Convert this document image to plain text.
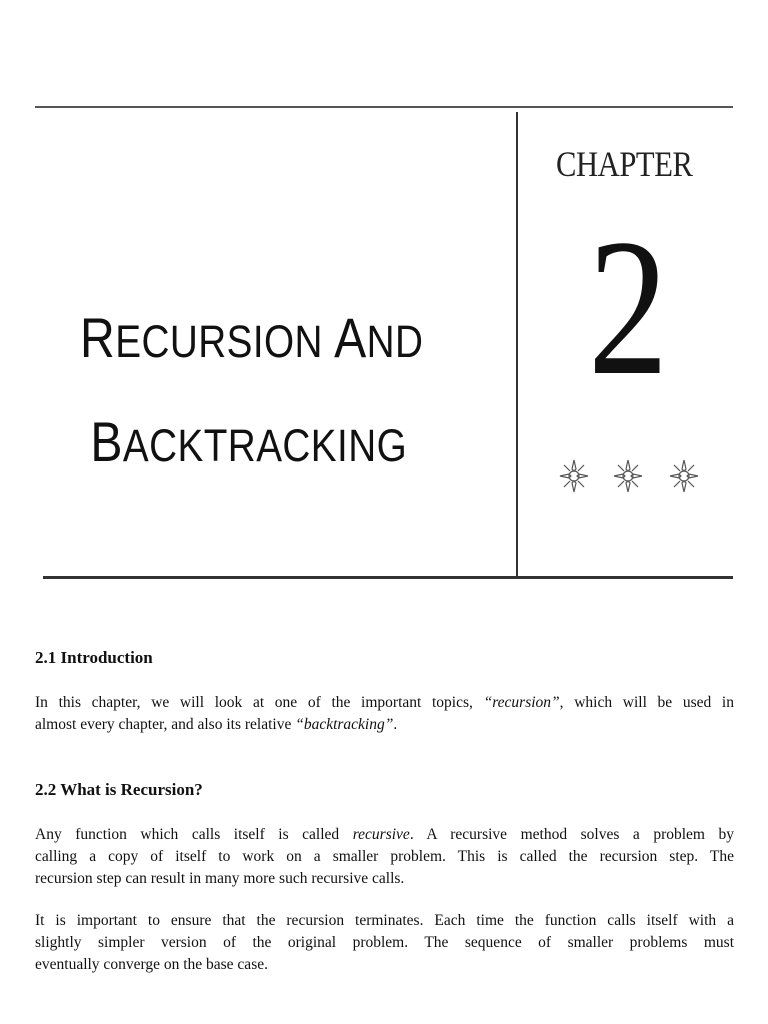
RECURSION AND
BACKTRACKING
CHAPTER
2
2.1 Introduction

In this chapter, we will look at one of the important topics, “recursion”, which will be used in
almost every chapter, and also its relative “backtracking”.

2.2 What is Recursion?

Any function which calls itself is called recursive. A recursive method solves a problem by
calling a copy of itself to work on a smaller problem. This is called the recursion step. The
recursion step can result in many more such recursive calls.

It is important to ensure that the recursion terminates. Each time the function calls itself with a
slightly simpler version of the original problem. The sequence of smaller problems must
eventually converge on the base case.
